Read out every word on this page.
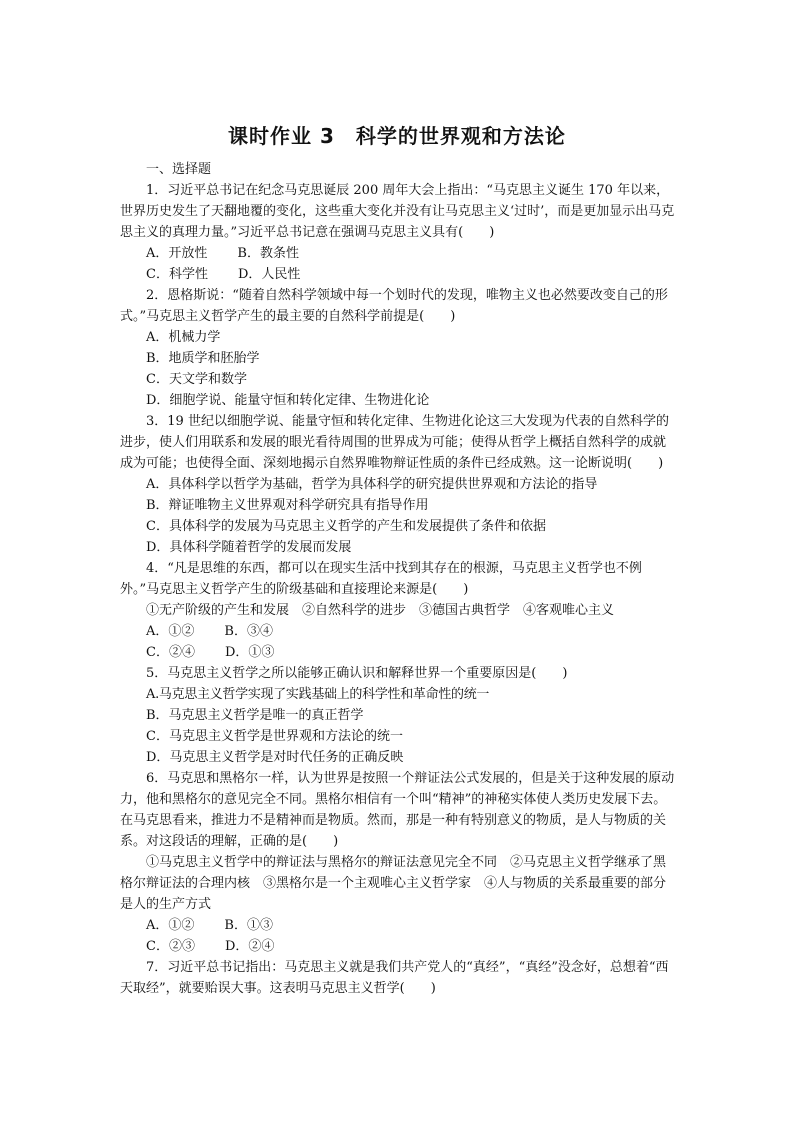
课时作业 3　科学的世界观和方法论

一、选择题

1．习近平总书记在纪念马克思诞辰 200 周年大会上指出：“马克思主义诞生 170 年以来，世界历史发生了天翻地覆的变化，这些重大变化并没有让马克思主义‘过时’，而是更加显示出马克思主义的真理力量。”习近平总书记意在强调马克思主义具有(　　)

A．开放性 B．教条性

C．科学性 D．人民性

2．恩格斯说：“随着自然科学领域中每一个划时代的发现，唯物主义也必然要改变自己的形式。”马克思主义哲学产生的最主要的自然科学前提是(　　)

A．机械力学

B．地质学和胚胎学

C．天文学和数学

D．细胞学说、能量守恒和转化定律、生物进化论

3．19 世纪以细胞学说、能量守恒和转化定律、生物进化论这三大发现为代表的自然科学的进步，使人们用联系和发展的眼光看待周围的世界成为可能；使得从哲学上概括自然科学的成就成为可能；也使得全面、深刻地揭示自然界唯物辩证性质的条件已经成熟。这一论断说明(　　)

A．具体科学以哲学为基础，哲学为具体科学的研究提供世界观和方法论的指导

B．辩证唯物主义世界观对科学研究具有指导作用

C．具体科学的发展为马克思主义哲学的产生和发展提供了条件和依据

D．具体科学随着哲学的发展而发展

4．“凡是思维的东西，都可以在现实生活中找到其存在的根源，马克思主义哲学也不例外。”马克思主义哲学产生的阶级基础和直接理论来源是(　　)

①无产阶级的产生和发展　②自然科学的进步　③德国古典哲学　④客观唯心主义

A．①② B．③④

C．②④ D．①③

5．马克思主义哲学之所以能够正确认识和解释世界一个重要原因是(　　)

A.马克思主义哲学实现了实践基础上的科学性和革命性的统一

B．马克思主义哲学是唯一的真正哲学

C．马克思主义哲学是世界观和方法论的统一

D．马克思主义哲学是对时代任务的正确反映

6．马克思和黑格尔一样，认为世界是按照一个辩证法公式发展的，但是关于这种发展的原动力，他和黑格尔的意见完全不同。黑格尔相信有一个叫“精神”的神秘实体使人类历史发展下去。在马克思看来，推进力不是精神而是物质。然而，那是一种有特别意义的物质，是人与物质的关系。对这段话的理解，正确的是(　　)

①马克思主义哲学中的辩证法与黑格尔的辩证法意见完全不同　②马克思主义哲学继承了黑格尔辩证法的合理内核　③黑格尔是一个主观唯心主义哲学家　④人与物质的关系最重要的部分是人的生产方式

A．①② B．①③

C．②③ D．②④

7．习近平总书记指出：马克思主义就是我们共产党人的“真经”，“真经”没念好，总想着“西天取经”，就要贻误大事。这表明马克思主义哲学(　　)
